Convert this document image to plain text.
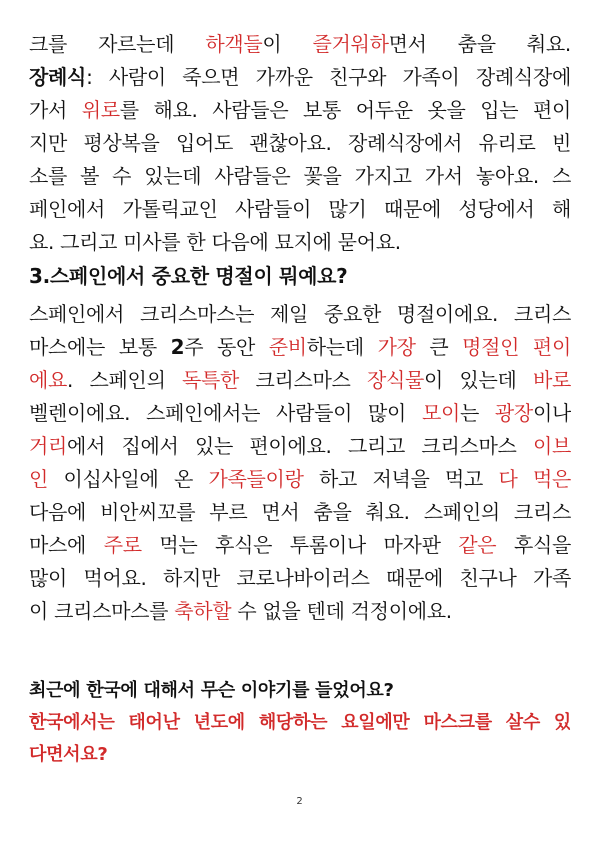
크를 자르는데 하객들이 즐거워하면서 춤을 춰요.
장례식: 사람이 죽으면 가까운 친구와 가족이 장례식장에
가서 위로를 해요. 사람들은 보통 어두운 옷을 입는 편이
지만 평상복을 입어도 괜찮아요. 장례식장에서 유리로 빈
소를 볼 수 있는데 사람들은 꽃을 가지고 가서 놓아요. 스
페인에서 가톨릭교인 사람들이 많기 때문에 성당에서 해
요. 그리고 미사를 한 다음에 묘지에 묻어요.
3.스페인에서 중요한 명절이 뭐예요?
스페인에서 크리스마스는 제일 중요한 명절이에요. 크리스
마스에는 보통 2주 동안 준비하는데 가장 큰 명절인 편이
에요. 스페인의 독특한 크리스마스 장식물이 있는데 바로
벨렌이에요. 스페인에서는 사람들이 많이 모이는 광장이나
거리에서 집에서 있는 편이에요. 그리고 크리스마스 이브
인 이십사일에 온 가족들이랑 하고 저녁을 먹고 다 먹은
다음에 비안씨꼬를 부르 면서 춤을 춰요. 스페인의 크리스
마스에 주로 먹는 후식은 투롬이나 마자판 같은 후식을
많이 먹어요. 하지만 코로나바이러스 때문에 친구나 가족
이 크리스마스를 축하할 수 없을 텐데 걱정이에요.
최근에 한국에 대해서 무슨 이야기를 들었어요?
한국에서는 태어난 년도에 해당하는 요일에만 마스크를 살수 있
다면서요?
2
